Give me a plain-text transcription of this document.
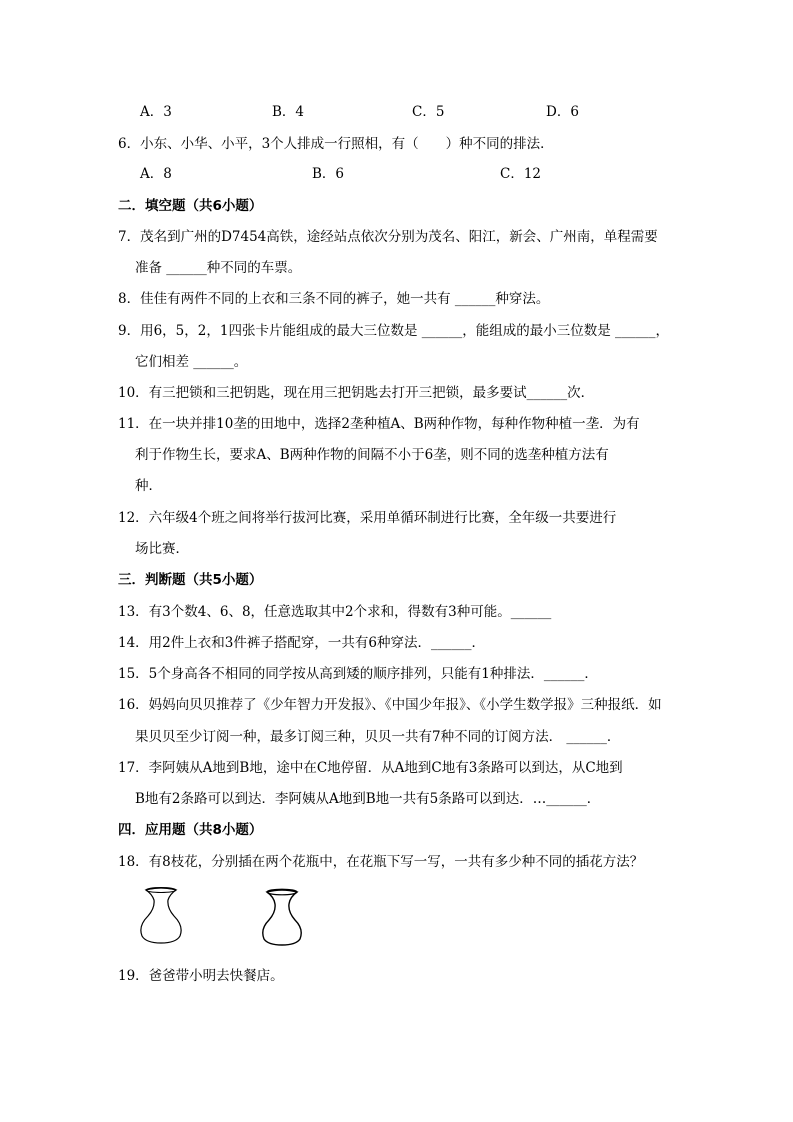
A．3	B．4	C．5	D．6
6．小东、小华、小平，3个人排成一行照相，有（　　）种不同的排法．
A．8	B．6	C．12
二．填空题（共6小题）
7．茂名到广州的D7454高铁，途经站点依次分别为茂名、阳江，新会、广州南，单程需要
准备 ______种不同的车票。
8．佳佳有两件不同的上衣和三条不同的裤子，她一共有 ______种穿法。
9．用6，5，2，1四张卡片能组成的最大三位数是 ______，能组成的最小三位数是 ______，
它们相差 ______。
10．有三把锁和三把钥匙，现在用三把钥匙去打开三把锁，最多要试______次．
11．在一块并排10垄的田地中，选择2垄种植A、B两种作物，每种作物种植一垄．为有
利于作物生长，要求A、B两种作物的间隔不小于6垄，则不同的选垄种植方法有
种．
12．六年级4个班之间将举行拔河比赛，采用单循环制进行比赛，全年级一共要进行
场比赛．
三．判断题（共5小题）
13．有3个数4、6、8，任意选取其中2个求和，得数有3种可能。______
14．用2件上衣和3件裤子搭配穿，一共有6种穿法．______．
15．5个身高各不相同的同学按从高到矮的顺序排列，只能有1种排法．______．
16．妈妈向贝贝推荐了《少年智力开发报》、《中国少年报》、《小学生数学报》三种报纸．如
果贝贝至少订阅一种，最多订阅三种，贝贝一共有7种不同的订阅方法． ______．
17．李阿姨从A地到B地，途中在C地停留．从A地到C地有3条路可以到达，从C地到
B地有2条路可以到达．李阿姨从A地到B地一共有5条路可以到达．…______．
四．应用题（共8小题）
18．有8枝花，分别插在两个花瓶中，在花瓶下写一写，一共有多少种不同的插花方法？
19．爸爸带小明去快餐店。
